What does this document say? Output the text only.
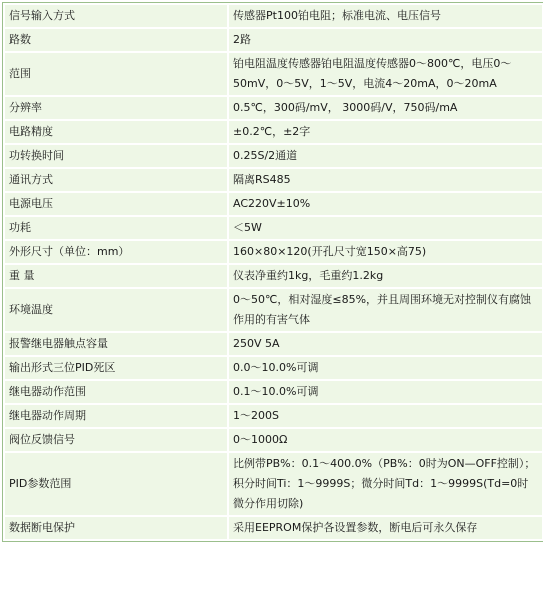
信号输入方式	传感器Pt100铂电阻；标准电流、电压信号
路数	2路
范围	铂电阻温度传感器铂电阻温度传感器0～800℃，电压0～50mV，0～5V，1～5V，电流4～20mA，0～20mA
分辨率	0.5℃，300码/mV， 3000码/V，750码/mA
电路精度	±0.2℃，±2字
功转换时间	0.25S/2通道
通讯方式	隔离RS485
电源电压	AC220V±10%
功耗	＜5W
外形尺寸（单位：mm）	160×80×120(开孔尺寸宽150×高75)
重 量	仪表净重约1kg，毛重约1.2kg
环境温度	0～50℃，相对湿度≤85%，并且周围环境无对控制仪有腐蚀作用的有害气体
报警继电器触点容量	250V 5A
输出形式三位PID死区	0.0～10.0%可调
继电器动作范围	0.1～10.0%可调
继电器动作周期	1～200S
阀位反馈信号	0～1000Ω
PID参数范围	比例带PB%：0.1～400.0%（PB%：0时为ON—OFF控制）；积分时间Ti：1～9999S；微分时间Td：1～9999S(Td=0时微分作用切除)
数据断电保护	采用EEPROM保护各设置参数，断电后可永久保存
